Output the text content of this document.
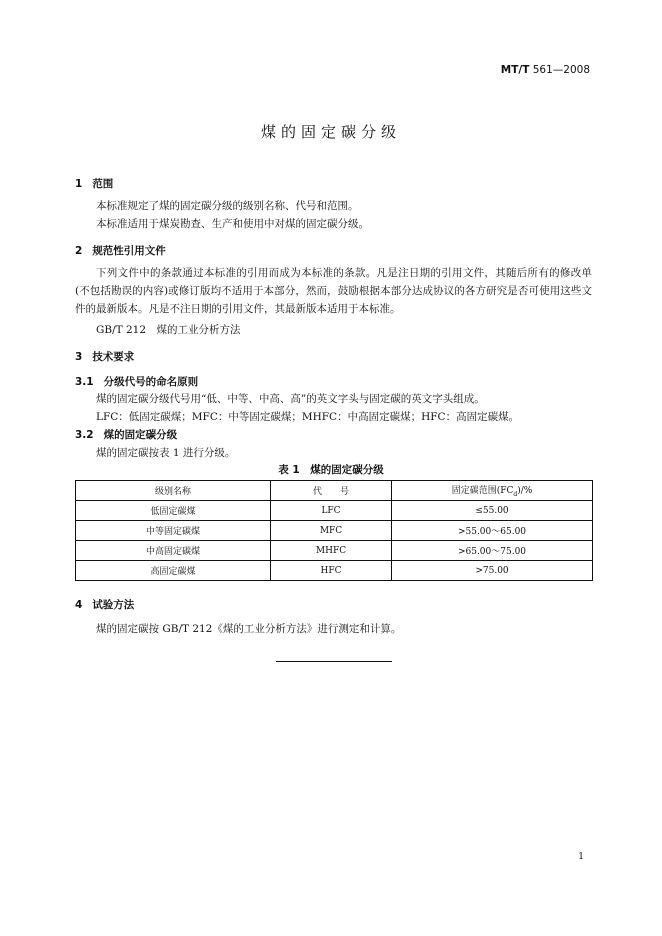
MT/T 561—2008
煤的固定碳分级
1 范围
本标准规定了煤的固定碳分级的级别名称、代号和范围。
本标准适用于煤炭勘查、生产和使用中对煤的固定碳分级。
2 规范性引用文件
下列文件中的条款通过本标准的引用而成为本标准的条款。凡是注日期的引用文件，其随后所有的修改单(不包括勘误的内容)或修订版均不适用于本部分，然而，鼓励根据本部分达成协议的各方研究是否可使用这些文件的最新版本。凡是不注日期的引用文件，其最新版本适用于本标准。
GB/T 212　煤的工业分析方法
3 技术要求
3.1 分级代号的命名原则
煤的固定碳分级代号用“低、中等、中高、高”的英文字头与固定碳的英文字头组成。
LFC：低固定碳煤；MFC：中等固定碳煤；MHFC：中高固定碳煤；HFC：高固定碳煤。
3.2 煤的固定碳分级
煤的固定碳按表 1 进行分级。
表 1　煤的固定碳分级
级别名称	代　　号	固定碳范围$(FC_d)/\%$
低固定碳煤	LFC	≤55.00
中等固定碳煤	MFC	>55.00～65.00
中高固定碳煤	MHFC	>65.00～75.00
高固定碳煤	HFC	>75.00
4 试验方法
煤的固定碳按 GB/T 212《煤的工业分析方法》进行测定和计算。
1
